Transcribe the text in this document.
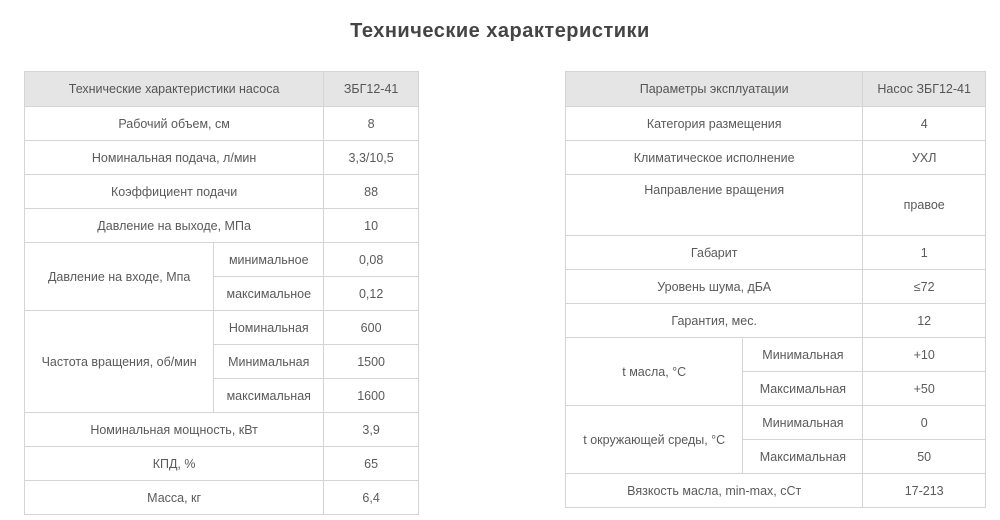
Технические характеристики
Технические характеристики насоса		ЗБГ12-41
Рабочий объем, см		8
Номинальная подача, л/мин		3,3/10,5
Коэффициент подачи		88
Давление на выходе, МПа		10
Давление на входе, Мпа	минимальное	0,08
	максимальное	0,12
Частота вращения, об/мин	Номинальная	600
	Минимальная	1500
	максимальная	1600
Номинальная мощность, кВт		3,9
КПД, %		65
Масса, кг		6,4
Параметры эксплуатации		Насос ЗБГ12-41
Категория размещения		4
Климатическое исполнение		УХЛ
Направление вращения		правое
Габарит		1
Уровень шума, дБА		≤72
Гарантия, мес.		12
t масла, °С	Минимальная	+10
	Максимальная	+50
t окружающей среды, °С	Минимальная	0
	Максимальная	50
Вязкость масла, min-max, сСт		17-213
